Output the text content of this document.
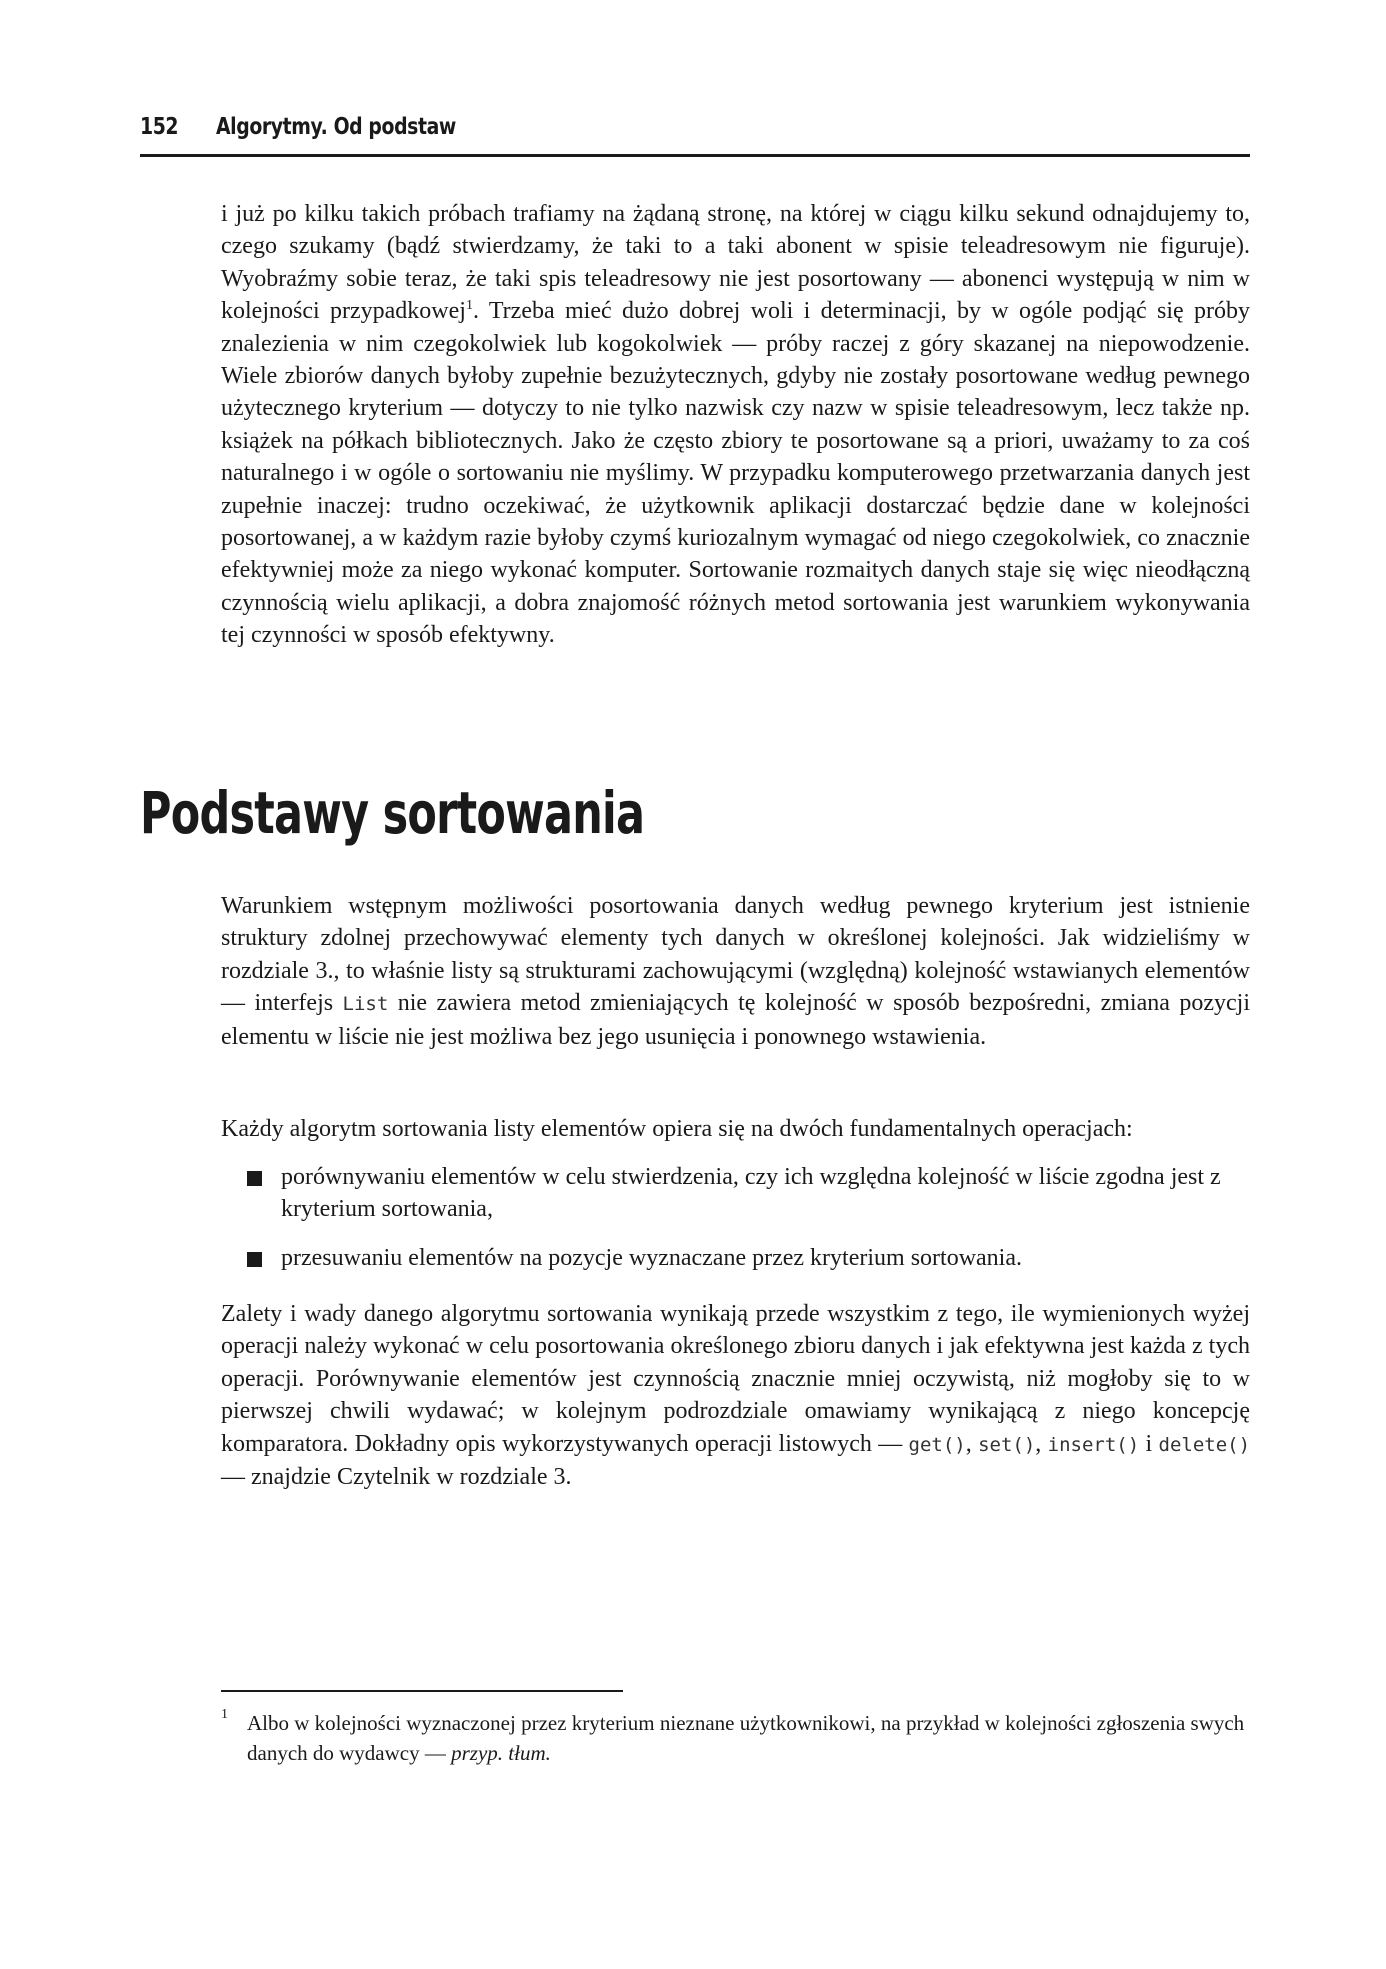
152 Algorytmy. Od podstaw

i już po kilku takich próbach trafiamy na żądaną stronę, na której w ciągu kilku sekund odnajdujemy to, czego szukamy (bądź stwierdzamy, że taki to a taki abonent w spisie teleadresowym nie figuruje). Wyobraźmy sobie teraz, że taki spis teleadresowy nie jest posortowany — abonenci występują w nim w kolejności przypadkowej$^1$. Trzeba mieć dużo dobrej woli i determinacji, by w ogóle podjąć się próby znalezienia w nim czegokolwiek lub kogokolwiek — próby raczej z góry skazanej na niepowodzenie. Wiele zbiorów danych byłoby zupełnie bezużytecznych, gdyby nie zostały posortowane według pewnego użytecznego kryterium — dotyczy to nie tylko nazwisk czy nazw w spisie teleadresowym, lecz także np. książek na półkach bibliotecznych. Jako że często zbiory te posortowane są a priori, uważamy to za coś naturalnego i w ogóle o sortowaniu nie myślimy. W przypadku komputerowego przetwarzania danych jest zupełnie inaczej: trudno oczekiwać, że użytkownik aplikacji dostarczać będzie dane w kolejności posortowanej, a w każdym razie byłoby czymś kuriozalnym wymagać od niego czegokolwiek, co znacznie efektywniej może za niego wykonać komputer. Sortowanie rozmaitych danych staje się więc nieodłączną czynnością wielu aplikacji, a dobra znajomość różnych metod sortowania jest warunkiem wykonywania tej czynności w sposób efektywny.

Podstawy sortowania

Warunkiem wstępnym możliwości posortowania danych według pewnego kryterium jest istnienie struktury zdolnej przechowywać elementy tych danych w określonej kolejności. Jak widzieliśmy w rozdziale 3., to właśnie listy są strukturami zachowującymi (względną) kolejność wstawianych elementów — interfejs List nie zawiera metod zmieniających tę kolejność w sposób bezpośredni, zmiana pozycji elementu w liście nie jest możliwa bez jego usunięcia i ponownego wstawienia.

Każdy algorytm sortowania listy elementów opiera się na dwóch fundamentalnych operacjach:

porównywaniu elementów w celu stwierdzenia, czy ich względna kolejność w liście zgodna jest z kryterium sortowania,
przesuwaniu elementów na pozycje wyznaczane przez kryterium sortowania.

Zalety i wady danego algorytmu sortowania wynikają przede wszystkim z tego, ile wymienionych wyżej operacji należy wykonać w celu posortowania określonego zbioru danych i jak efektywna jest każda z tych operacji. Porównywanie elementów jest czynnością znacznie mniej oczywistą, niż mogłoby się to w pierwszej chwili wydawać; w kolejnym podrozdziale omawiamy wynikającą z niego koncepcję komparatora. Dokładny opis wykorzystywanych operacji listowych — get(), set(), insert() i delete() — znajdzie Czytelnik w rozdziale 3.

1 Albo w kolejności wyznaczonej przez kryterium nieznane użytkownikowi, na przykład w kolejności zgłoszenia swych danych do wydawcy — przyp. tłum.
